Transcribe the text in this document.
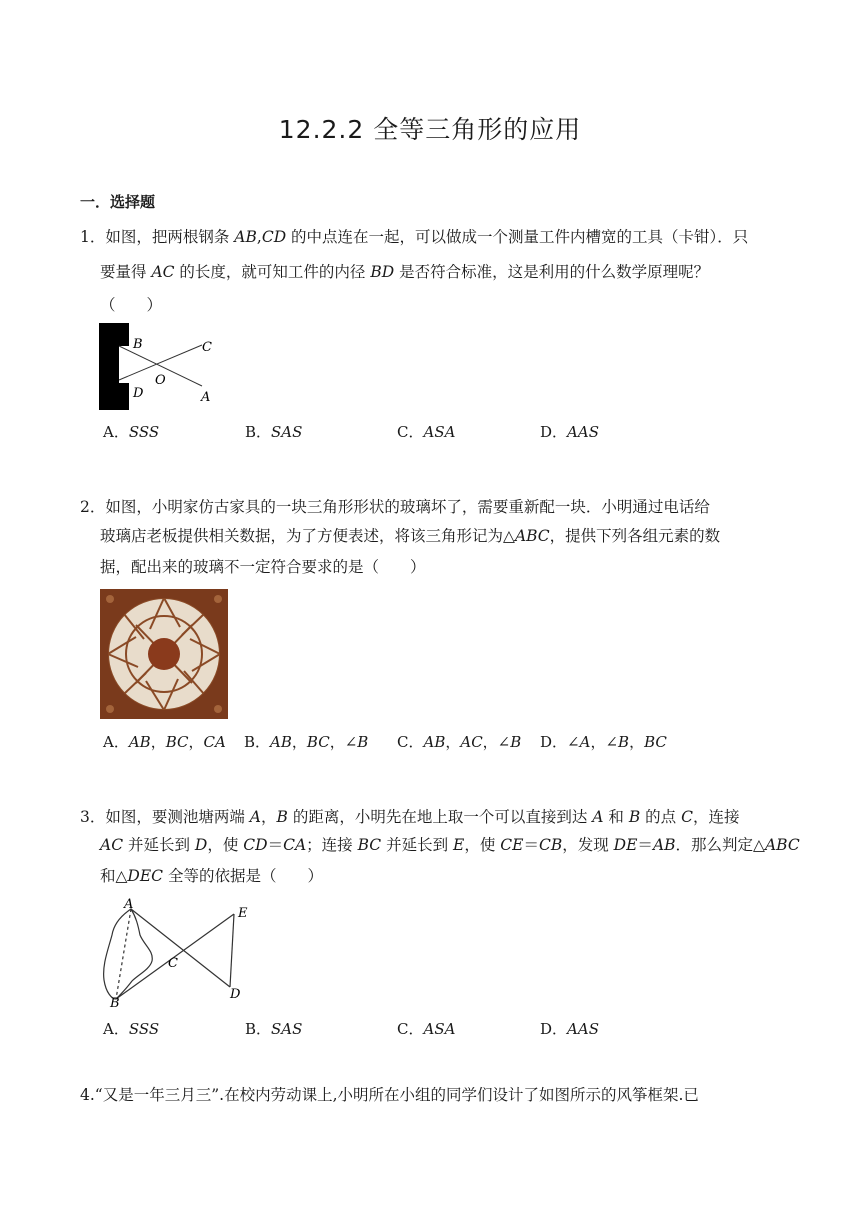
12.2.2 全等三角形的应用
一．选择题
1．如图，把两根钢条 AB,CD 的中点连在一起，可以做成一个测量工件内槽宽的工具（卡钳）．只
要量得 AC 的长度，就可知工件的内径 BD 是否符合标准，这是利用的什么数学原理呢？
（　　）
B	C
O
D	A
A．SSS	B．SAS	C．ASA	D．AAS
2．如图，小明家仿古家具的一块三角形形状的玻璃坏了，需要重新配一块．小明通过电话给
玻璃店老板提供相关数据，为了方便表述，将该三角形记为△ABC，提供下列各组元素的数
据，配出来的玻璃不一定符合要求的是（　　）
A．AB，BC，CA B．AB，BC，∠B C．AB，AC，∠B D．∠A，∠B，BC
3．如图，要测池塘两端 A，B 的距离，小明先在地上取一个可以直接到达 A 和 B 的点 C，连接
AC 并延长到 D，使 CD＝CA；连接 BC 并延长到 E，使 CE＝CB，发现 DE＝AB．那么判定△ABC
和△DEC 全等的依据是（　　）
A
E
C
B
D
A．SSS	B．SAS	C．ASA	D．AAS
4.“又是一年三月三”.在校内劳动课上,小明所在小组的同学们设计了如图所示的风筝框架.已
